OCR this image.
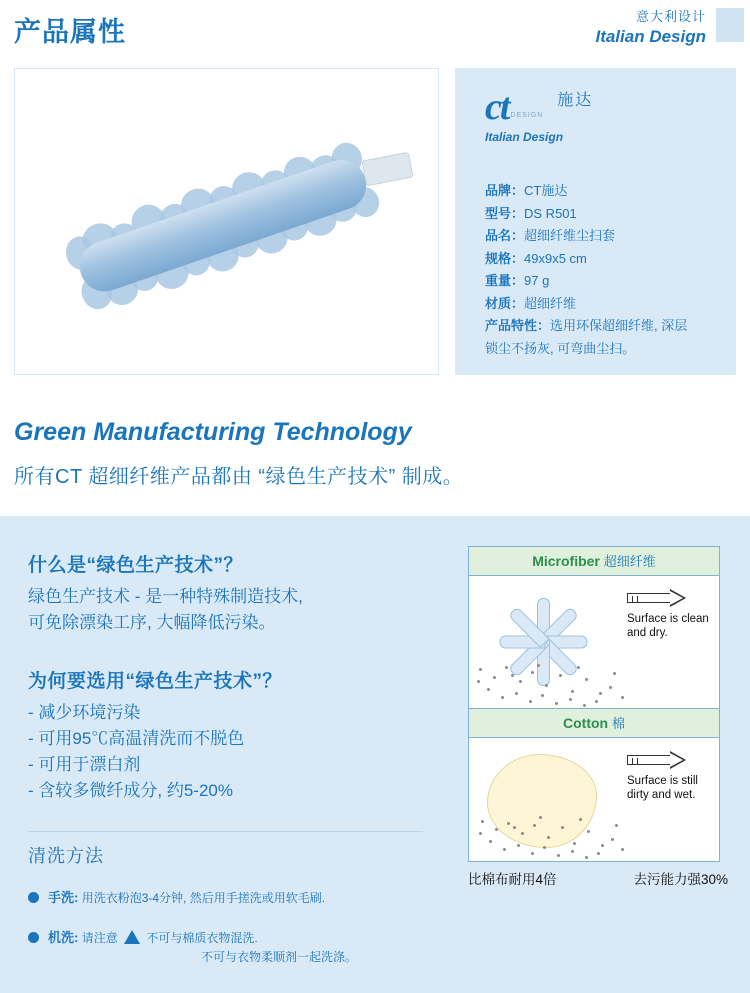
产品属性
意大利设计
Italian Design
ct DESIGN
施达
Italian Design
品牌：CT施达
型号：DS R501
品名：超细纤维尘扫套
规格：49x9x5 cm
重量：97 g
材质：超细纤维
产品特性：选用环保超细纤维, 深层
锁尘不扬灰, 可弯曲尘扫。
Green Manufacturing Technology
所有CT 超细纤维产品都由 “绿色生产技术” 制成。
什么是“绿色生产技术”？
绿色生产技术 - 是一种特殊制造技术,
可免除漂染工序, 大幅降低污染。
为何要选用“绿色生产技术”？
- 减少环境污染
- 可用95℃高温清洗而不脱色
- 可用于漂白剂
- 含较多微纤成分, 约5-20%
清洗方法
手洗: 用洗衣粉泡3-4分钟, 然后用手搓洗或用软毛刷.
机洗: 请注意 不可与棉质衣物混洗.
不可与衣物柔顺剂一起洗涤。
Microfiber 超细纤维
Surface is clean and dry.
Cotton 棉
Surface is still dirty and wet.
比棉布耐用4倍	去污能力强30%
